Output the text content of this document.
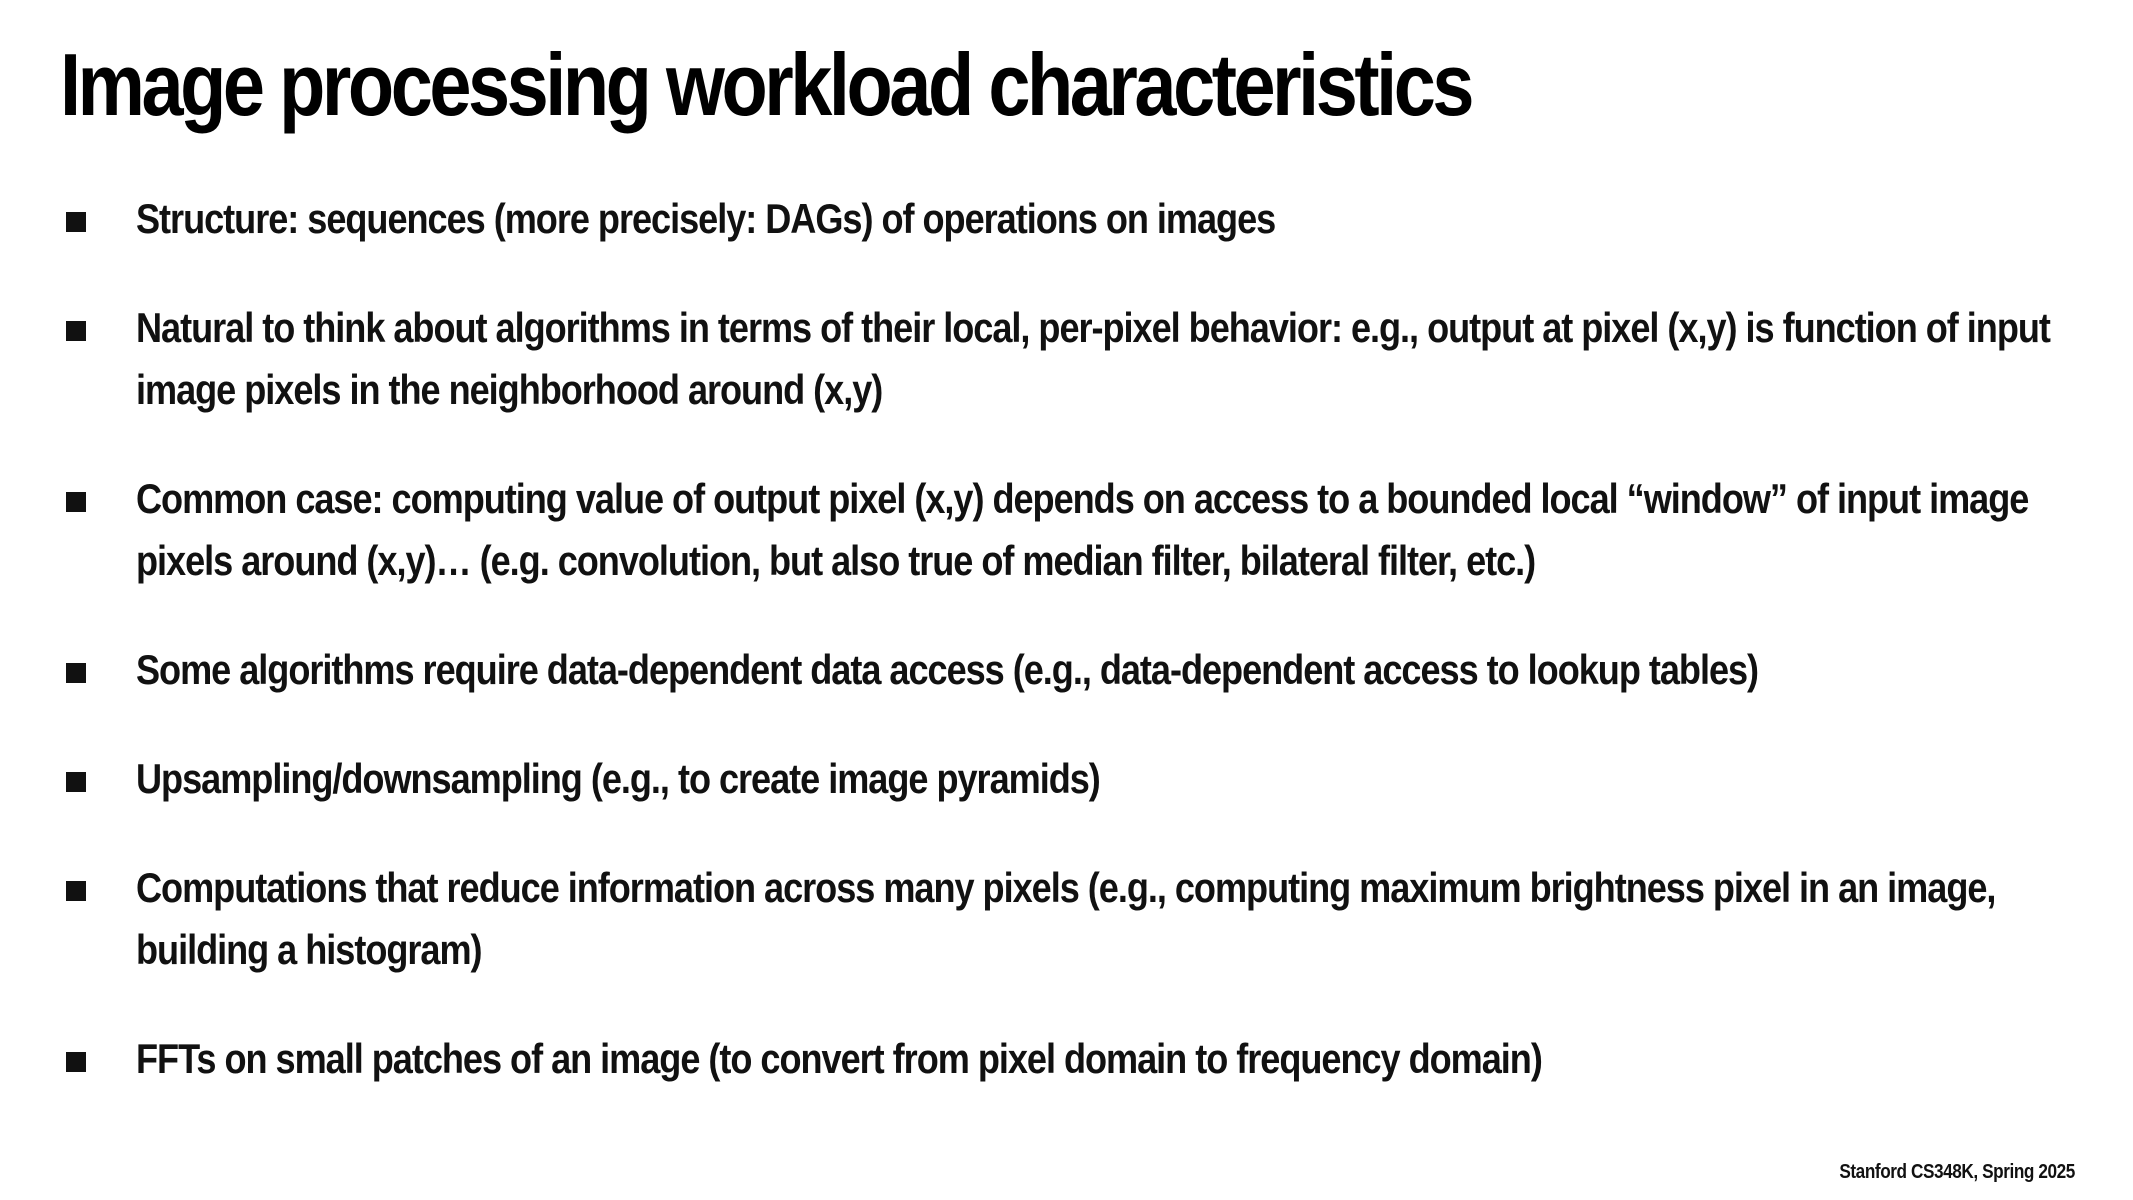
Image processing workload characteristics
Structure: sequences (more precisely: DAGs) of operations on images
Natural to think about algorithms in terms of their local, per-pixel behavior: e.g., output at pixel (x,y) is function of input image pixels in the neighborhood around (x,y)
Common case: computing value of output pixel (x,y) depends on access to a bounded local “window” of input image pixels around (x,y)… (e.g. convolution, but also true of median filter, bilateral filter, etc.)
Some algorithms require data-dependent data access (e.g., data-dependent access to lookup tables)
Upsampling/downsampling (e.g., to create image pyramids)
Computations that reduce information across many pixels (e.g., computing maximum brightness pixel in an image, building a histogram)
FFTs on small patches of an image (to convert from pixel domain to frequency domain)
Stanford CS348K, Spring 2025
